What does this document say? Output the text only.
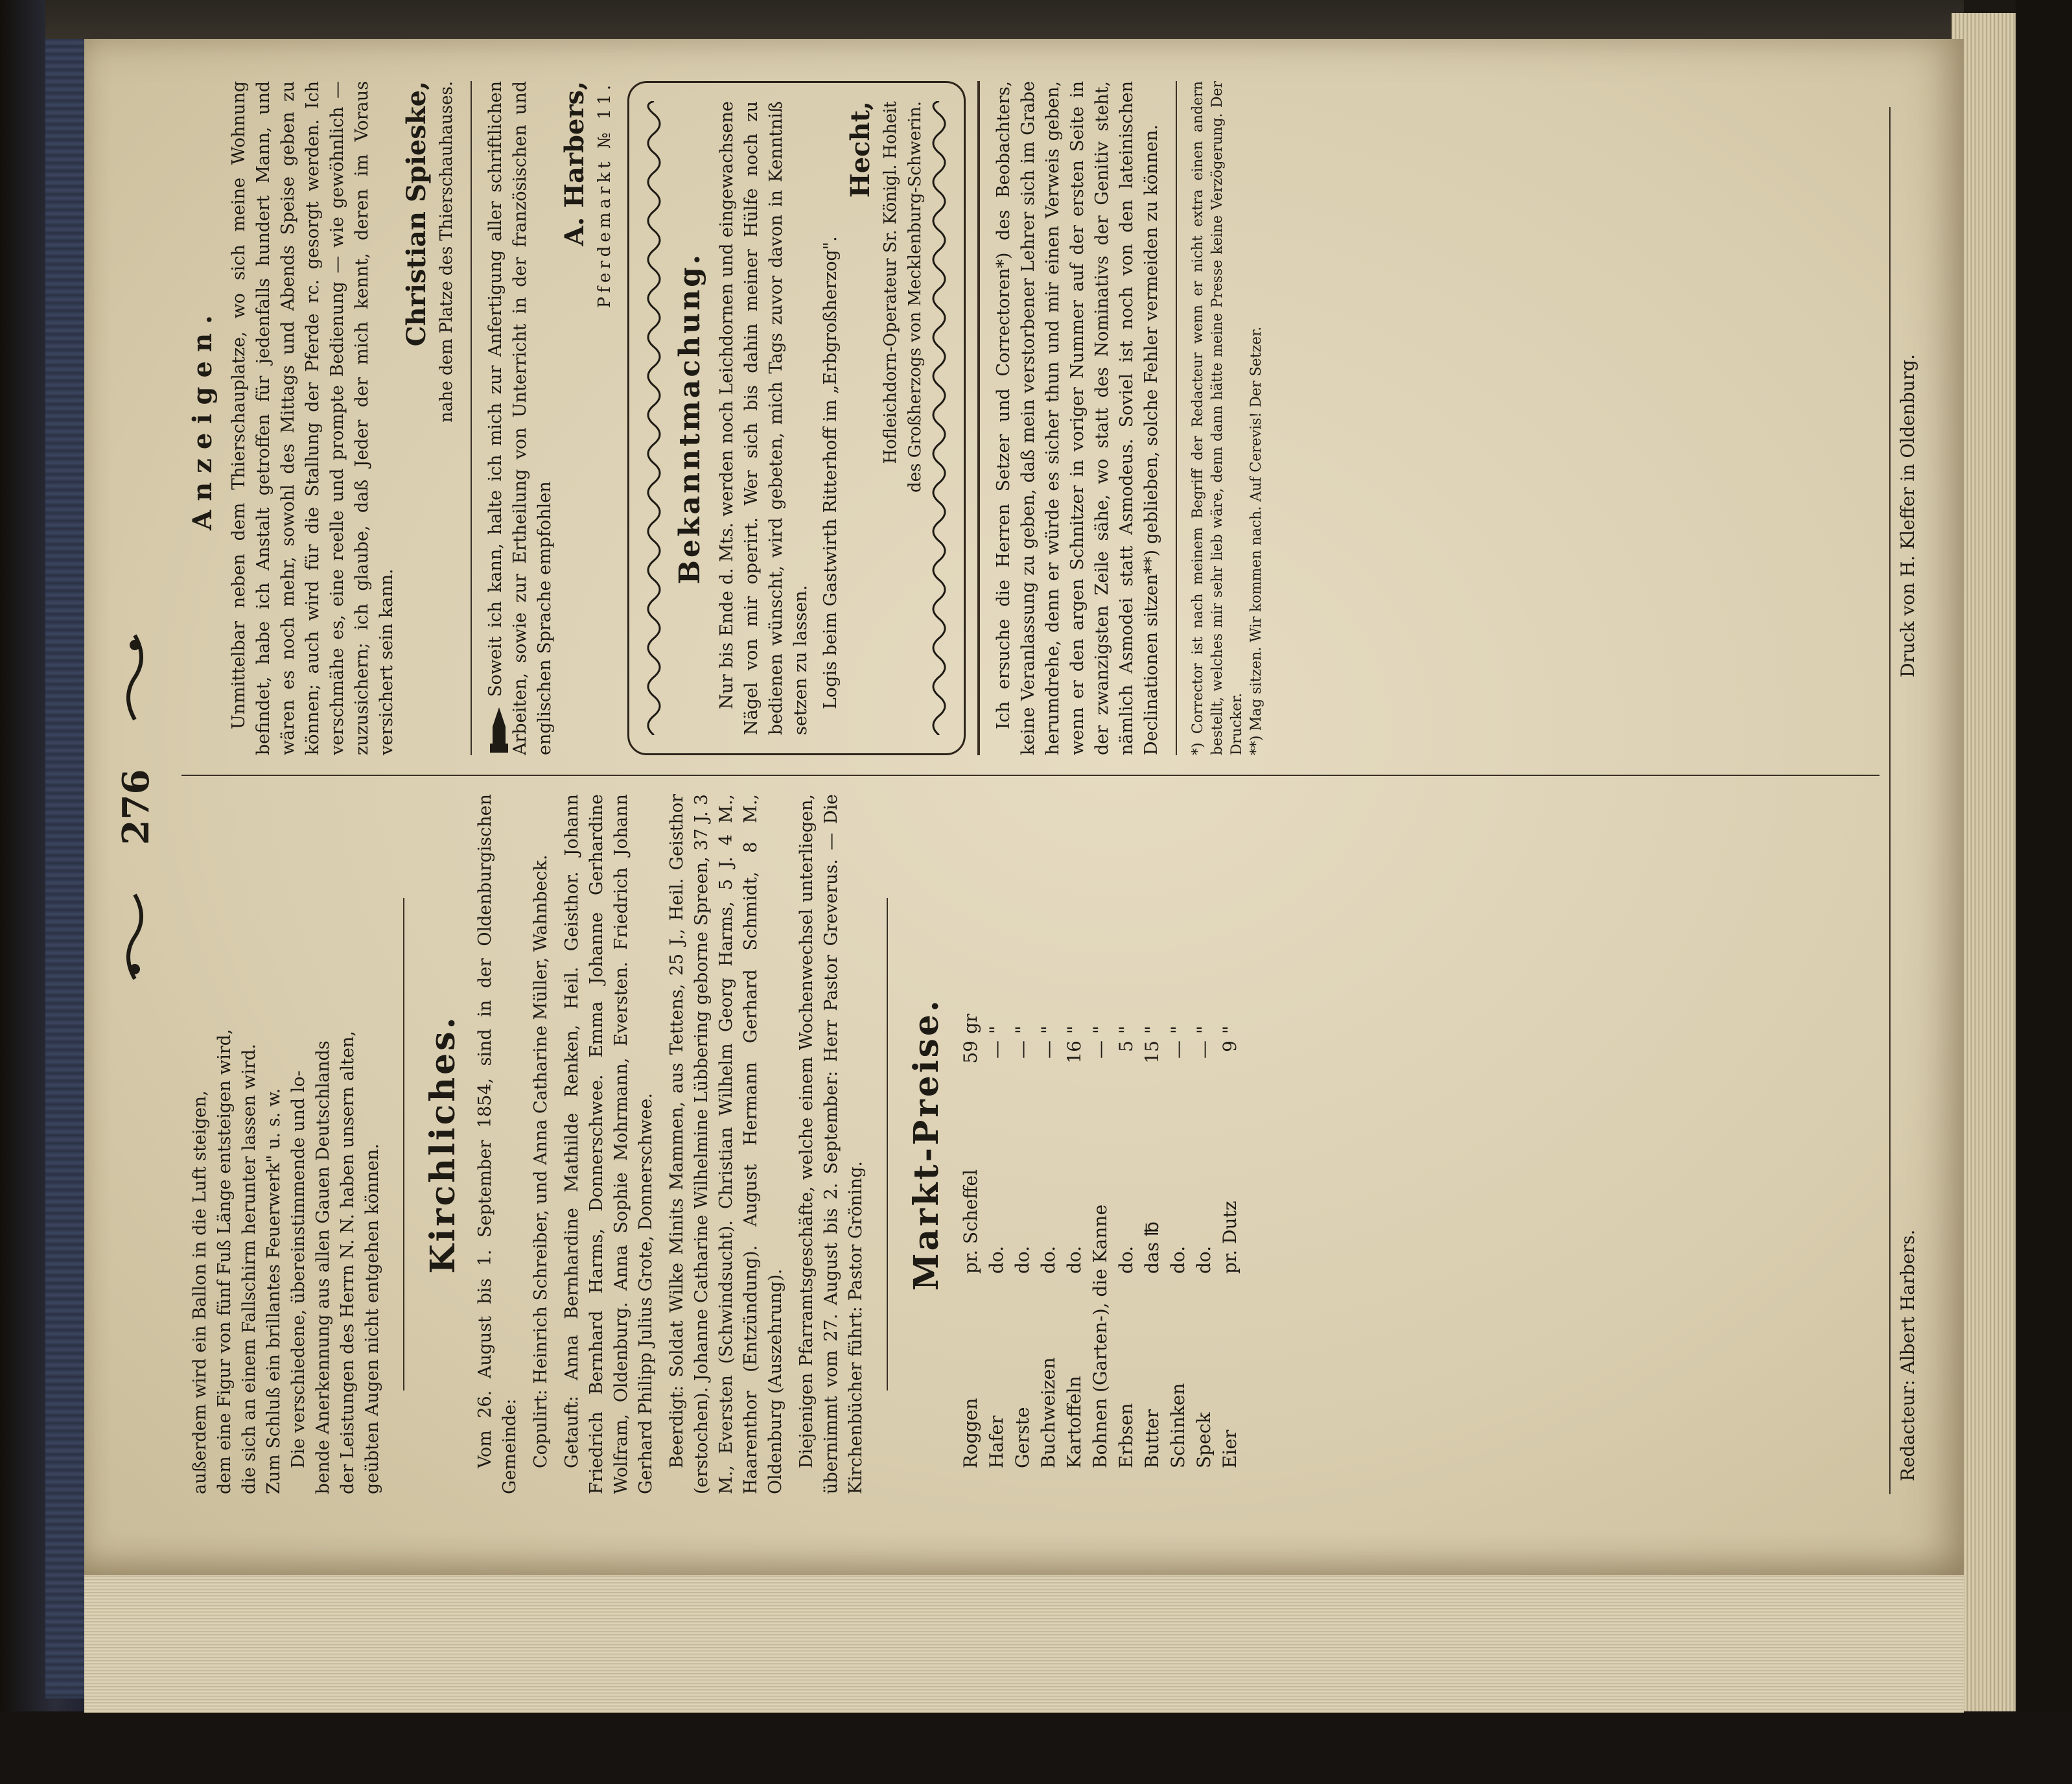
276

außerdem wird ein Ballon in die Luft steigen, dem eine Figur von fünf Fuß Länge entsteigen wird, die sich an einem Fallschirm herunter lassen wird. Zum Schluß ein brillantes Feuerwerk" u. s. w. Die verschiedene, übereinstimmende und lo- bende Anerkennung aus allen Gauen Deutschlands der Leistungen des Herrn N. N. haben unsern alten, geübten Augen nicht entgehen können. Kirchliches. Vom 26. August bis 1. September 1854, sind in der Oldenburgischen Gemeinde: Copulirt: Heinrich Schreiber, und Anna Catharine Müller, Wahnbeck. Getauft: Anna Bernhardine Mathilde Renken, Heil. Geisthor. Johann Friedrich Bernhard Harms, Donnerschwee. Emma Johanne Gerhardine Wolfram, Oldenburg. Anna Sophie Mohrmann, Eversten. Friedrich Johann Gerhard Philipp Julius Grote, Donnerschwee. Beerdigt: Soldat Wilke Minits Mammen, aus Tettens, 25 J., Heil. Geisthor (erstochen). Johanne Catharine Wilhelmine Lübbering geborne Spreen, 37 J. 3 M., Eversten (Schwindsucht). Christian Wilhelm Georg Harms, 5 J. 4 M., Haarenthor (Entzündung). August Hermann Gerhard Schmidt, 8 M., Oldenburg (Auszehrung). Diejenigen Pfarramtsgeschäfte, welche einem Wochenwechsel unterliegen, übernimmt vom 27. August bis 2. September: Herr Pastor Greverus. — Die Kirchenbücher führt: Pastor Gröning.

Markt-Preise.
Roggen
pr. Scheffel
59
gr
Hafer
do.
—
"
Gerste
do.
—
"
Buchweizen
do.
—
"
Kartoffeln
do.
16
"
Bohnen (Garten-), die Kanne
—
"
Erbsen
do.
5
"
Butter
das ℔
15
"
Schinken
do.
—
"
Speck
do.
—
"
Eier
pr. Dutz
9
"
Anzeigen. Unmittelbar neben dem Thierschauplatze, wo sich meine Wohnung befindet, habe ich Anstalt getroffen für jedenfalls hundert Mann, und wären es noch mehr, sowohl des Mittags und Abends Speise geben zu können; auch wird für die Stallung der Pferde rc. gesorgt werden. Ich verschmähe es, eine reelle und prompte Bedienung — wie gewöhnlich — zuzusichern; ich glaube, daß Jeder der mich kennt, deren im Voraus versichert sein kann.

Christian Spieske, nahe dem Platze des Thierschauhauses. Soweit ich kann, halte ich mich zur Anfertigung aller schriftlichen Arbeiten, sowie zur Ertheilung von Unterricht in der französischen und englischen Sprache empfohlen

A. Harbers, Pferdemarkt № 11.
Bekanntmachung. Nur bis Ende d. Mts. werden noch Leichdornen und eingewachsene Nägel von mir operirt. Wer sich bis dahin meiner Hülfe noch zu bedienen wünscht, wird gebeten, mich Tags zuvor davon in Kenntniß setzen zu lassen. Logis beim Gastwirth Ritterhoff im „Erbgroßherzog".

Hecht, Hofleichdorn-Operateur Sr. Königl. Hoheit des Großherzogs von Mecklenburg-Schwerin.	Ich ersuche die Herren Setzer und Correctoren*) des Beobachters, keine Veranlassung zu geben, daß mein verstorbener Lehrer sich im Grabe herumdrehe, denn er würde es sicher thun und mir einen Verweis geben, wenn er den argen Schnitzer in voriger Nummer auf der ersten Seite in der zwanzigsten Zeile sähe, wo statt des Nominativs der Genitiv steht, nämlich Asmodei statt Asmodeus. Soviel ist noch von den lateinischen Declinationen sitzen**) geblieben, solche Fehler vermeiden zu können. *) Corrector ist nach meinem Begriff der Redacteur wenn er nicht extra einen andern bestellt, welches mir sehr lieb wäre, denn dann hätte meine Presse keine Verzögerung. Der Drucker. **) Mag sitzen. Wir kommen nach. Auf Cerevis! Der Setzer.

Redacteur: Albert Harbers.
Druck von H. Kleffer in Oldenburg.
